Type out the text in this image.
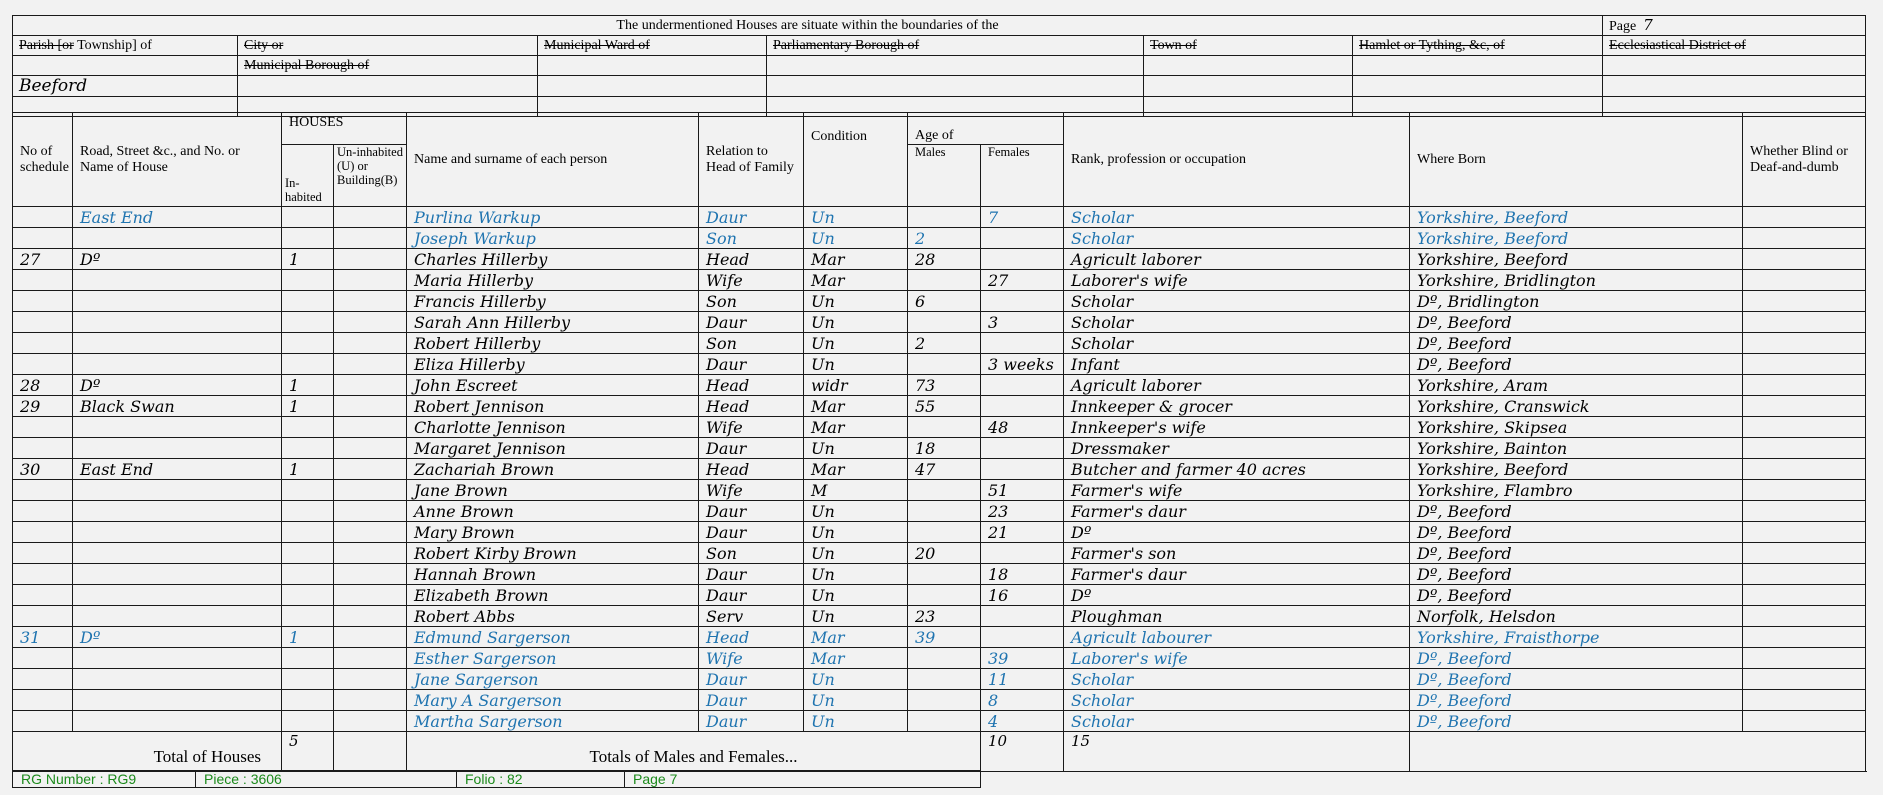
The undermentioned Houses are situate within the boundaries of the						Page 7
Parish [or Township] of	City or	Municipal Ward of	Parliamentary Borough of	Town of	Hamlet or Tything, &c, of	Ecclesiastical District of
	Municipal Borough of					
Beeford						

No of schedule	Road, Street &c., and No. or Name of House	HOUSES		Name and surname of each person	Relation to Head of Family	Condition	Age of		Rank, profession or occupation	Where Born	Whether Blind or Deaf-and-dumb
		In-habited	Un-inhabited (U) or Building(B)				Males	Females			
	East End			Purlina Warkup	Daur	Un		7	Scholar	Yorkshire, Beeford	
				Joseph Warkup	Son	Un	2		Scholar	Yorkshire, Beeford	
27	Dº	1		Charles Hillerby	Head	Mar	28		Agricult laborer	Yorkshire, Beeford	
				Maria Hillerby	Wife	Mar		27	Laborer's wife	Yorkshire, Bridlington	
				Francis Hillerby	Son	Un	6		Scholar	Dº, Bridlington	
				Sarah Ann Hillerby	Daur	Un		3	Scholar	Dº, Beeford	
				Robert Hillerby	Son	Un	2		Scholar	Dº, Beeford	
				Eliza Hillerby	Daur	Un		3 weeks	Infant	Dº, Beeford	
28	Dº	1		John Escreet	Head	widr	73		Agricult laborer	Yorkshire, Aram	
29	Black Swan	1		Robert Jennison	Head	Mar	55		Innkeeper & grocer	Yorkshire, Cranswick	
				Charlotte Jennison	Wife	Mar		48	Innkeeper's wife	Yorkshire, Skipsea	
				Margaret Jennison	Daur	Un	18		Dressmaker	Yorkshire, Bainton	
30	East End	1		Zachariah Brown	Head	Mar	47		Butcher and farmer 40 acres	Yorkshire, Beeford	
				Jane Brown	Wife	M		51	Farmer's wife	Yorkshire, Flambro	
				Anne Brown	Daur	Un		23	Farmer's daur	Dº, Beeford	
				Mary Brown	Daur	Un		21	Dº	Dº, Beeford	
				Robert Kirby Brown	Son	Un	20		Farmer's son	Dº, Beeford	
				Hannah Brown	Daur	Un		18	Farmer's daur	Dº, Beeford	
				Elizabeth Brown	Daur	Un		16	Dº	Dº, Beeford	
				Robert Abbs	Serv	Un	23		Ploughman	Norfolk, Helsdon	
31	Dº	1		Edmund Sargerson	Head	Mar	39		Agricult labourer	Yorkshire, Fraisthorpe	
				Esther Sargerson	Wife	Mar		39	Laborer's wife	Dº, Beeford	
				Jane Sargerson	Daur	Un		11	Scholar	Dº, Beeford	
				Mary A Sargerson	Daur	Un		8	Scholar	Dº, Beeford	
				Martha Sargerson	Daur	Un		4	Scholar	Dº, Beeford	
Total of Houses		5		Totals of Males and Females...				10	15		
RG Number : RG9	Piece : 3606	Folio : 82	Page 7
